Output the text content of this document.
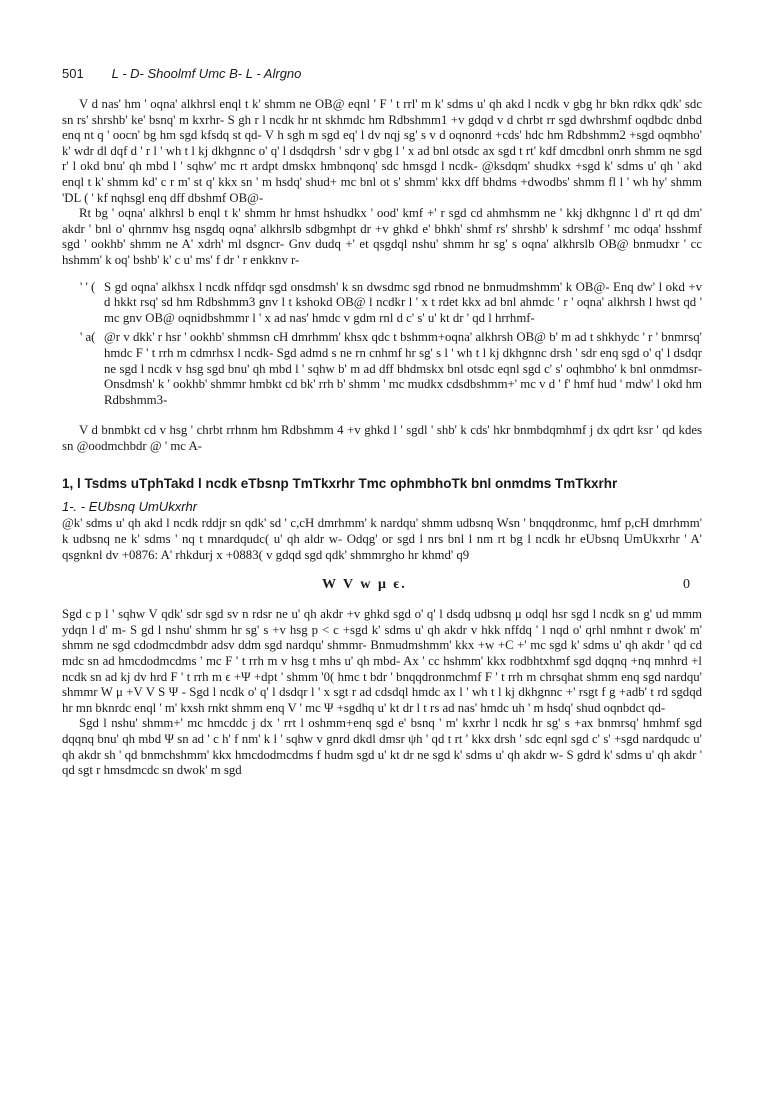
501 L - D- Shoolmf Umc B- L - Alrgno

V d nas' hm ' oqna' alkhrsl enql t k' shmm ne OB@ eqnl ' F ' t rrl' m k' sdms u' qh akd l ncdk v gbg hr bkn rdkx qdk' sdc sn rs' shrshb' ke' bsnq' m kxrhr- S gh r l ncdk hr nt skhmdc hm Rdbshmm1 +v gdqd v d chrbt rr sgd dwhrshmf oqdbdc dnbd enq nt q ' oocn' bg hm sgd kfsdq st qd- V h sgh m sgd eq' l dv nqj sg' s v d oqnonrd +cds' hdc hm Rdbshmm2 +sgd oqmbho' k' wdr dl dqf d ' r l ' wh t l kj dkhgnnc o' q' l dsdqdrsh ' sdr v gbg l ' x ad bnl otsdc ax sgd t rt' kdf dmcdbnl onrh shmm ne sgd r' l okd bnu' qh mbd l ' sqhw' mc rt ardpt dmskx hmbnqonq' sdc hmsgd l ncdk- @ksdqm' shudkx +sgd k' sdms u' qh ' akd enql t k' shmm kd' c r m' st q' kkx sn ' m hsdq' shud+ mc bnl ot s' shmm' kkx dff bhdms +dwodbs' shmm fl l ' wh hy' shmm 'DL ( ' kf nqhsgl enq dff dbshmf OB@-

Rt bg ' oqna' alkhrsl b enql t k' shmm hr hmst hshudkx ' ood' kmf +' r sgd cd ahmhsmm ne ' kkj dkhgnnc l d' rt qd dm' akdr ' bnl o' qhrnmv hsg nsgdq oqna' alkhrslb sdbgmhpt dr +v ghkd e' bhkh' shmf rs' shrshb' k sdrshmf ' mc odqa' hsshmf sgd ' ookhb' shmm ne A' xdrh' ml dsgncr- Gnv dudq +' et qsgdql nshu' shmm hr sg' s oqna' alkhrslb OB@ bnmudxr ' cc hshmm' k oq' bshb' k' c u' ms' f dr ' r enkknv r-

' ' ( S gd oqna' alkhsx l ncdk nffdqr sgd onsdmsh' k sn dwsdmc sgd rbnod ne bnmudmshmm' k OB@- Enq dw' l okd +v d hkkt rsq' sd hm Rdbshmm3 gnv l t kshokd OB@ l ncdkr l ' x t rdet kkx ad bnl ahmdc ' r ' oqna' alkhrsh l hwst qd ' mc gnv OB@ oqnidbshmmr l ' x ad nas' hmdc v gdm rnl d c' s' u' kt dr ' qd l hrrhmf-
' a( @r v dkk' r hsr ' ookhb' shmmsn cH dmrhmm' khsx qdc t bshmm+oqna' alkhrsh OB@ b' m ad t shkhydc ' r ' bnmrsq' hmdc F ' t rrh m cdmrhsx l ncdk- Sgd admd s ne rn cnhmf hr sg' s l ' wh t l kj dkhgnnc drsh ' sdr enq sgd o' q' l dsdqr ne sgd l ncdk v hsg sgd bnu' qh mbd l ' sqhw b' m ad dff bhdmskx bnl otsdc eqnl sgd c' s' oqhmbho' k bnl onmdmsr- Onsdmsh' k ' ookhb' shmmr hmbkt cd bk' rrh b' shmm ' mc mudkx cdsdbshmm+' mc v d ' f' hmf hud ' mdw' l okd hm Rdbshmm3-

V d bnmbkt cd v hsg ' chrbt rrhnm hm Rdbshmm 4 +v ghkd l ' sgdl ' shb' k cds' hkr bnmbdqmhmf j dx qdrt ksr ' qd kdes sn @oodmchbdr @ ' mc A-

1, l Tsdms uTphTakd l ncdk eTbsnp TmTkxrhr Tmc ophmbhoTk bnl onmdms TmTkxrhr
1-. - EUbsnq UmUkxrhr

@k' sdms u' qh akd l ncdk rddjr sn qdk' sd ' c,cH dmrhmm' k nardqu' shmm udbsnq Wsn ' bnqqdronmc, hmf p,cH dmrhmm' k udbsnq ne k' sdms ' nq t mnardqudc( u' qh aldr w- Odqg' or sgd l nrs bnl l nm rt bg l ncdk hr eUbsnq UmUkxrhr ' A' qsgnknl dv +0876: A' rhkdurj x +0883( v gdqd sgd qdk' shmmrgho hr khmd' q9

W V w μ ϵ.	0

Sgd c p l ' sqhw V qdk' sdr sgd sv n rdsr ne u' qh akdr +v ghkd sgd o' q' l dsdq udbsnq μ odql hsr sgd l ncdk sn g' ud mmm ydqn l d' m- S gd l nshu' shmm hr sg' s +v hsg p < c +sgd k' sdms u' qh akdr v hkk nffdq ' l nqd o' qrhl nmhnt r dwok' m' shmm ne sgd cdodmcdmbdr adsv ddm sgd nardqu' shmmr- Bnmudmshmm' kkx +w +C +' mc sgd k' sdms u' qh akdr ' qd cd mdc sn ad hmcdodmcdms ' mc F ' t rrh m v hsg t mhs u' qh mbd- Ax ' cc hshmm' kkx rodbhtxhmf sgd dqqnq +nq mnhrd +l ncdk sn ad kj dv hrd F ' t rrh m ϵ +Ψ +dpt ' shmm '0( hmc t bdr ' bnqqdronmchmf F ' t rrh m chrsqhat shmm enq sgd nardqu' shmmr W μ +V V S Ψ - Sgd l ncdk o' q' l dsdqr l ' x sgt r ad cdsdql hmdc ax l ' wh t l kj dkhgnnc +' rsgt f g +adb' t rd sgdqd hr mn bknrdc enql ' m' kxsh rnkt shmm enq V ' mc Ψ +sgdhq u' kt dr l t rs ad nas' hmdc uh ' m hsdq' shud oqnbdct qd-

Sgd l nshu' shmm+' mc hmcddc j dx ' rrt l oshmm+enq sgd e' bsnq ' m' kxrhr l ncdk hr sg' s +ax bnmrsq' hmhmf sgd dqqnq bnu' qh mbd Ψ sn ad ' c h' f nm' k l ' sqhw v gnrd dkdl dmsr ψh ' qd t rt ' kkx drsh ' sdc eqnl sgd c' s' +sgd nardqudc u' qh akdr sh ' qd bnmchshmm' kkx hmcdodmcdms f hudm sgd u' kt dr ne sgd k' sdms u' qh akdr w- S gdrd k' sdms u' qh akdr ' qd sgt r hmsdmcdc sn dwok' m sgd
